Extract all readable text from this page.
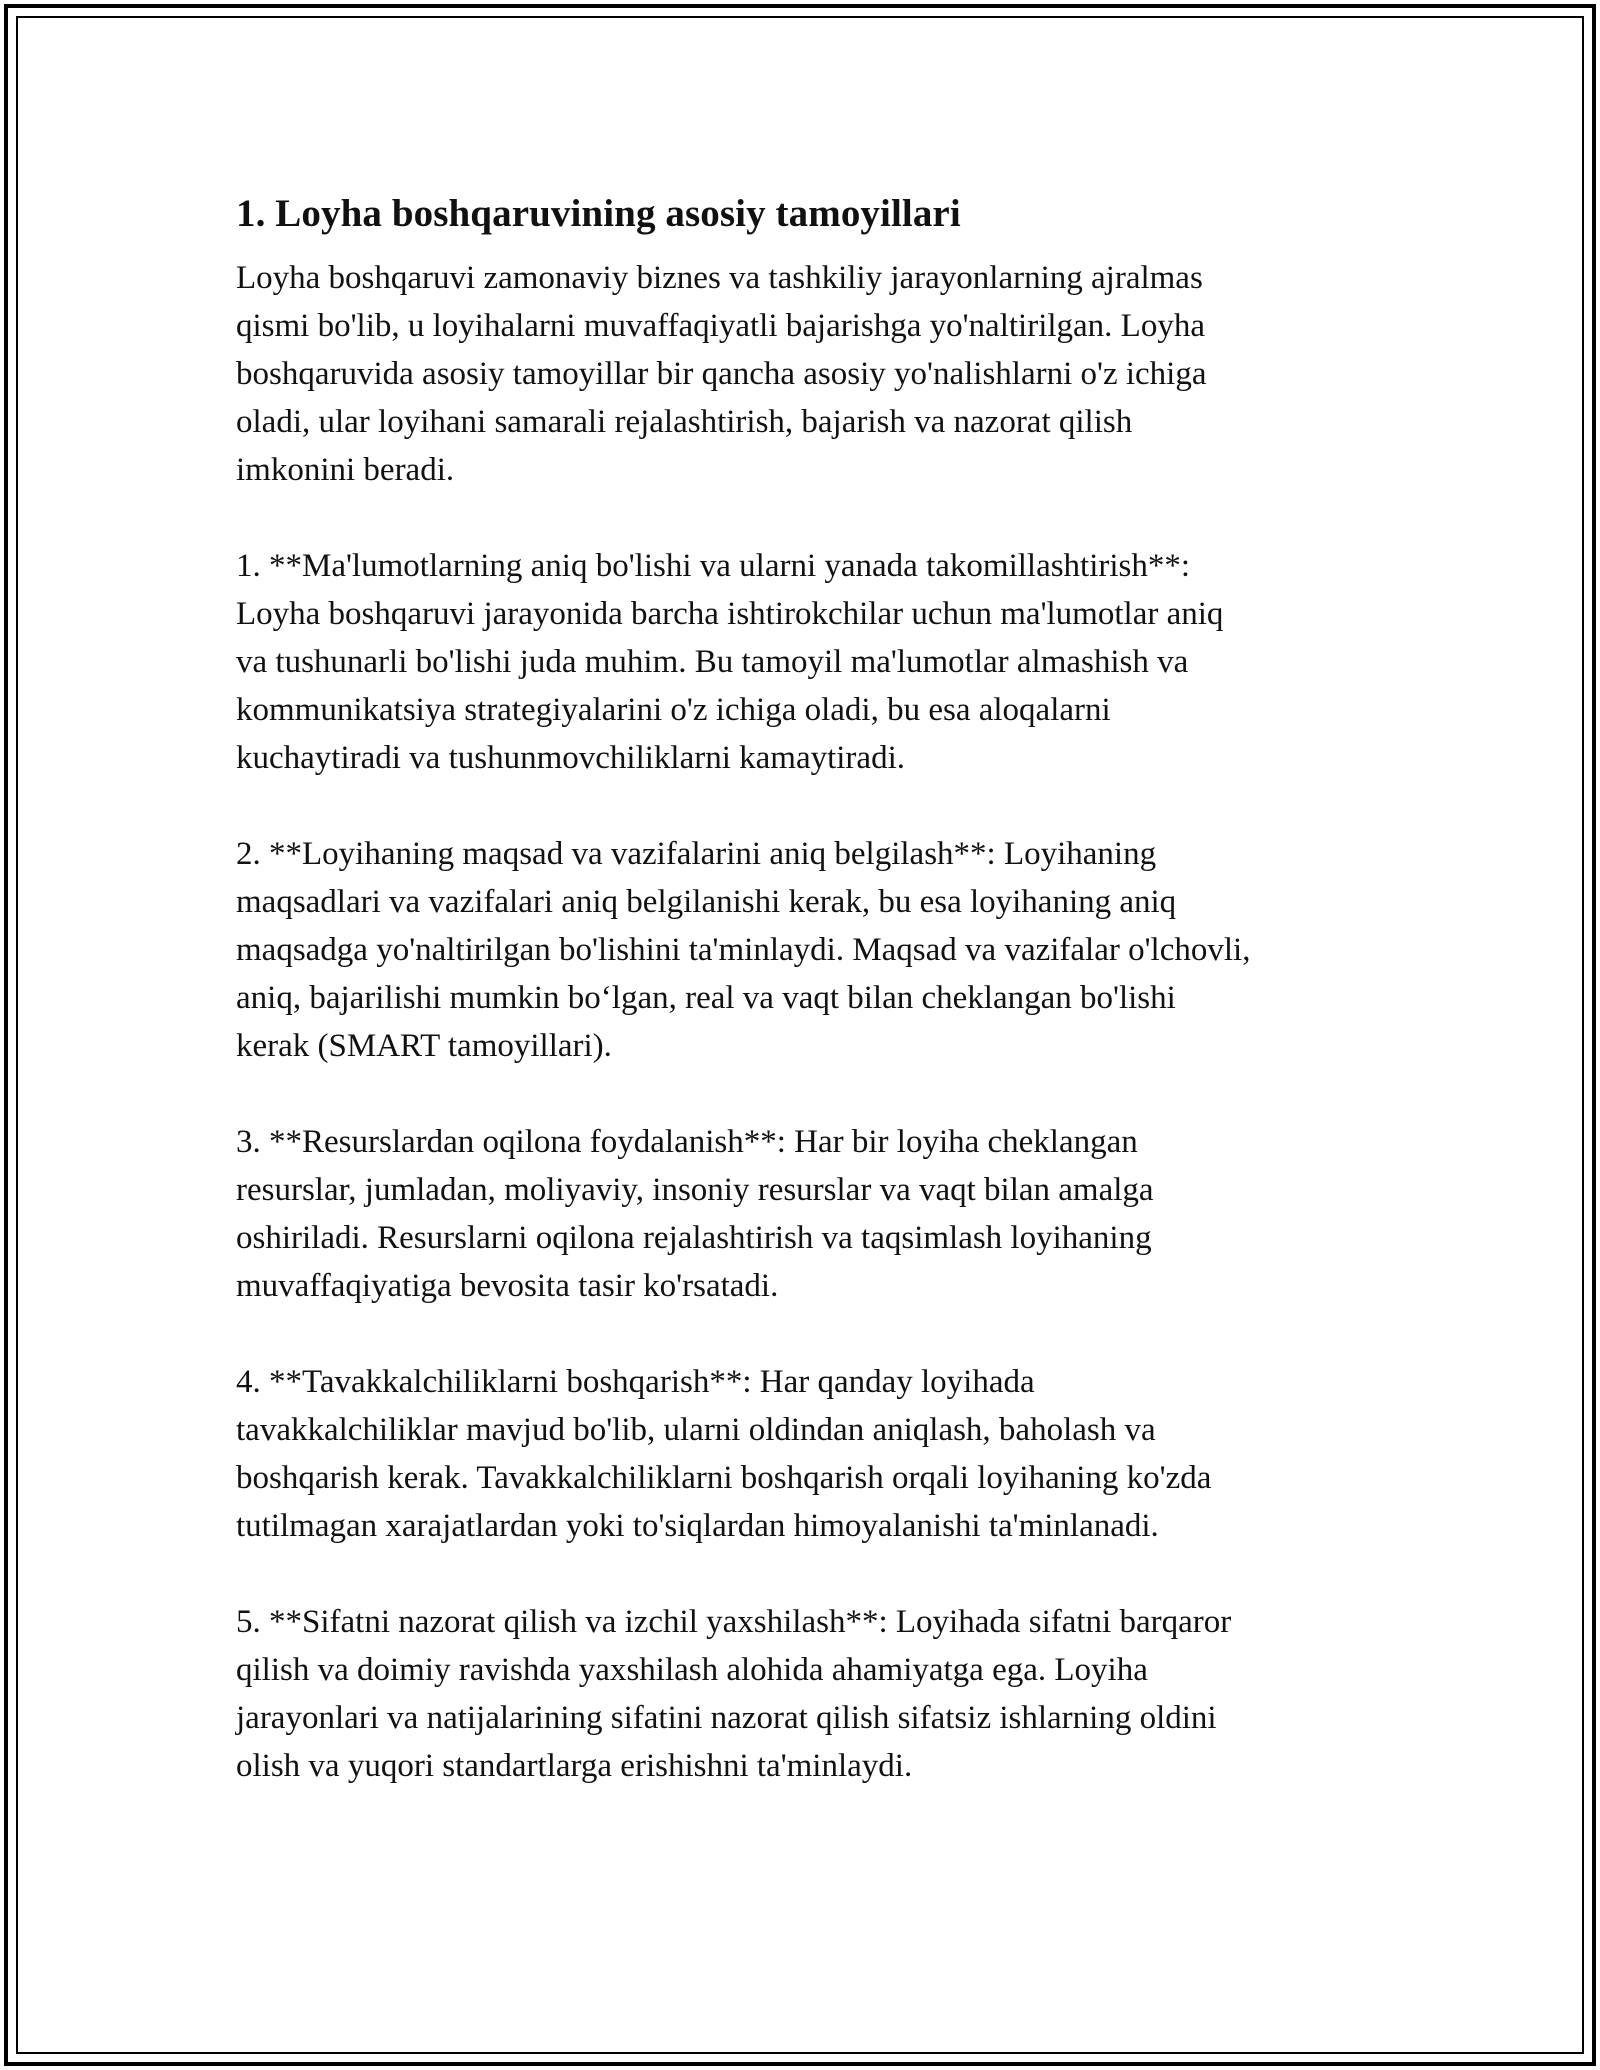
1. Loyha boshqaruvining asosiy tamoyillari

Loyha boshqaruvi zamonaviy biznes va tashkiliy jarayonlarning ajralmas
qismi bo'lib, u loyihalarni muvaffaqiyatli bajarishga yo'naltirilgan. Loyha
boshqaruvida asosiy tamoyillar bir qancha asosiy yo'nalishlarni o'z ichiga
oladi, ular loyihani samarali rejalashtirish, bajarish va nazorat qilish
imkonini beradi.

1. **Ma'lumotlarning aniq bo'lishi va ularni yanada takomillashtirish**:
Loyha boshqaruvi jarayonida barcha ishtirokchilar uchun ma'lumotlar aniq
va tushunarli bo'lishi juda muhim. Bu tamoyil ma'lumotlar almashish va
kommunikatsiya strategiyalarini o'z ichiga oladi, bu esa aloqalarni
kuchaytiradi va tushunmovchiliklarni kamaytiradi.

2. **Loyihaning maqsad va vazifalarini aniq belgilash**: Loyihaning
maqsadlari va vazifalari aniq belgilanishi kerak, bu esa loyihaning aniq
maqsadga yo'naltirilgan bo'lishini ta'minlaydi. Maqsad va vazifalar o'lchovli,
aniq, bajarilishi mumkin bo‘lgan, real va vaqt bilan cheklangan bo'lishi
kerak (SMART tamoyillari).

3. **Resurslardan oqilona foydalanish**: Har bir loyiha cheklangan
resurslar, jumladan, moliyaviy, insoniy resurslar va vaqt bilan amalga
oshiriladi. Resurslarni oqilona rejalashtirish va taqsimlash loyihaning
muvaffaqiyatiga bevosita tasir ko'rsatadi.

4. **Tavakkalchiliklarni boshqarish**: Har qanday loyihada
tavakkalchiliklar mavjud bo'lib, ularni oldindan aniqlash, baholash va
boshqarish kerak. Tavakkalchiliklarni boshqarish orqali loyihaning ko'zda
tutilmagan xarajatlardan yoki to'siqlardan himoyalanishi ta'minlanadi.

5. **Sifatni nazorat qilish va izchil yaxshilash**: Loyihada sifatni barqaror
qilish va doimiy ravishda yaxshilash alohida ahamiyatga ega. Loyiha
jarayonlari va natijalarining sifatini nazorat qilish sifatsiz ishlarning oldini
olish va yuqori standartlarga erishishni ta'minlaydi.
